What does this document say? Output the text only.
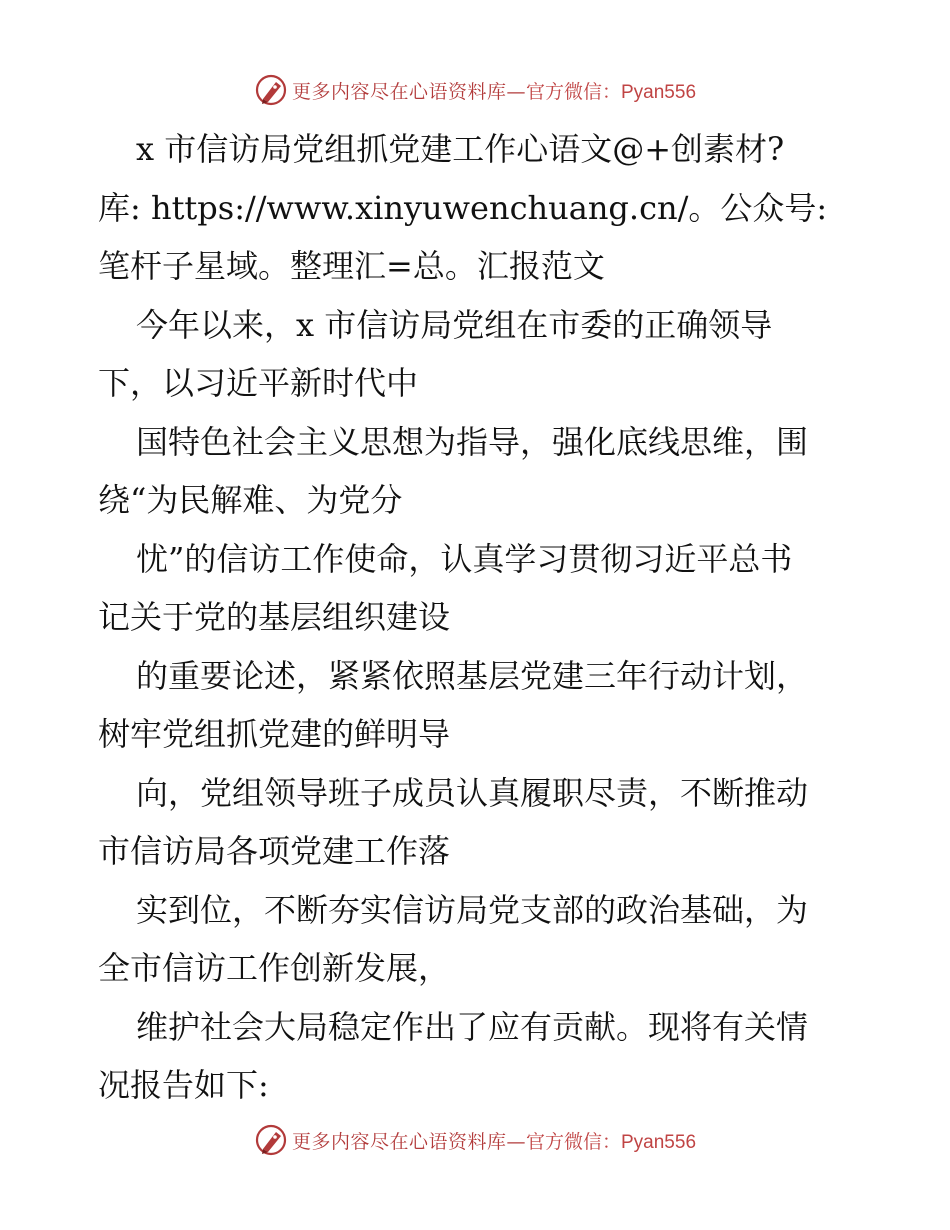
更多内容尽在心语资料库— 官方微信：Pyan556
x 市信访局党组抓党建工作心语文@+创素材?
库: https://www.xinyuwenchuang.cn/。公众号:
笔杆子星域。整理汇=总。汇报范文
今年以来，x 市信访局党组在市委的正确领导
下，以习近平新时代中
国特色社会主义思想为指导，强化底线思维，围
绕“为民解难、为党分
忧”的信访工作使命，认真学习贯彻习近平总书
记关于党的基层组织建设
的重要论述，紧紧依照基层党建三年行动计划，
树牢党组抓党建的鲜明导
向，党组领导班子成员认真履职尽责，不断推动
市信访局各项党建工作落
实到位，不断夯实信访局党支部的政治基础，为
全市信访工作创新发展，
维护社会大局稳定作出了应有贡献。现将有关情
况报告如下:
更多内容尽在心语资料库— 官方微信：Pyan556
